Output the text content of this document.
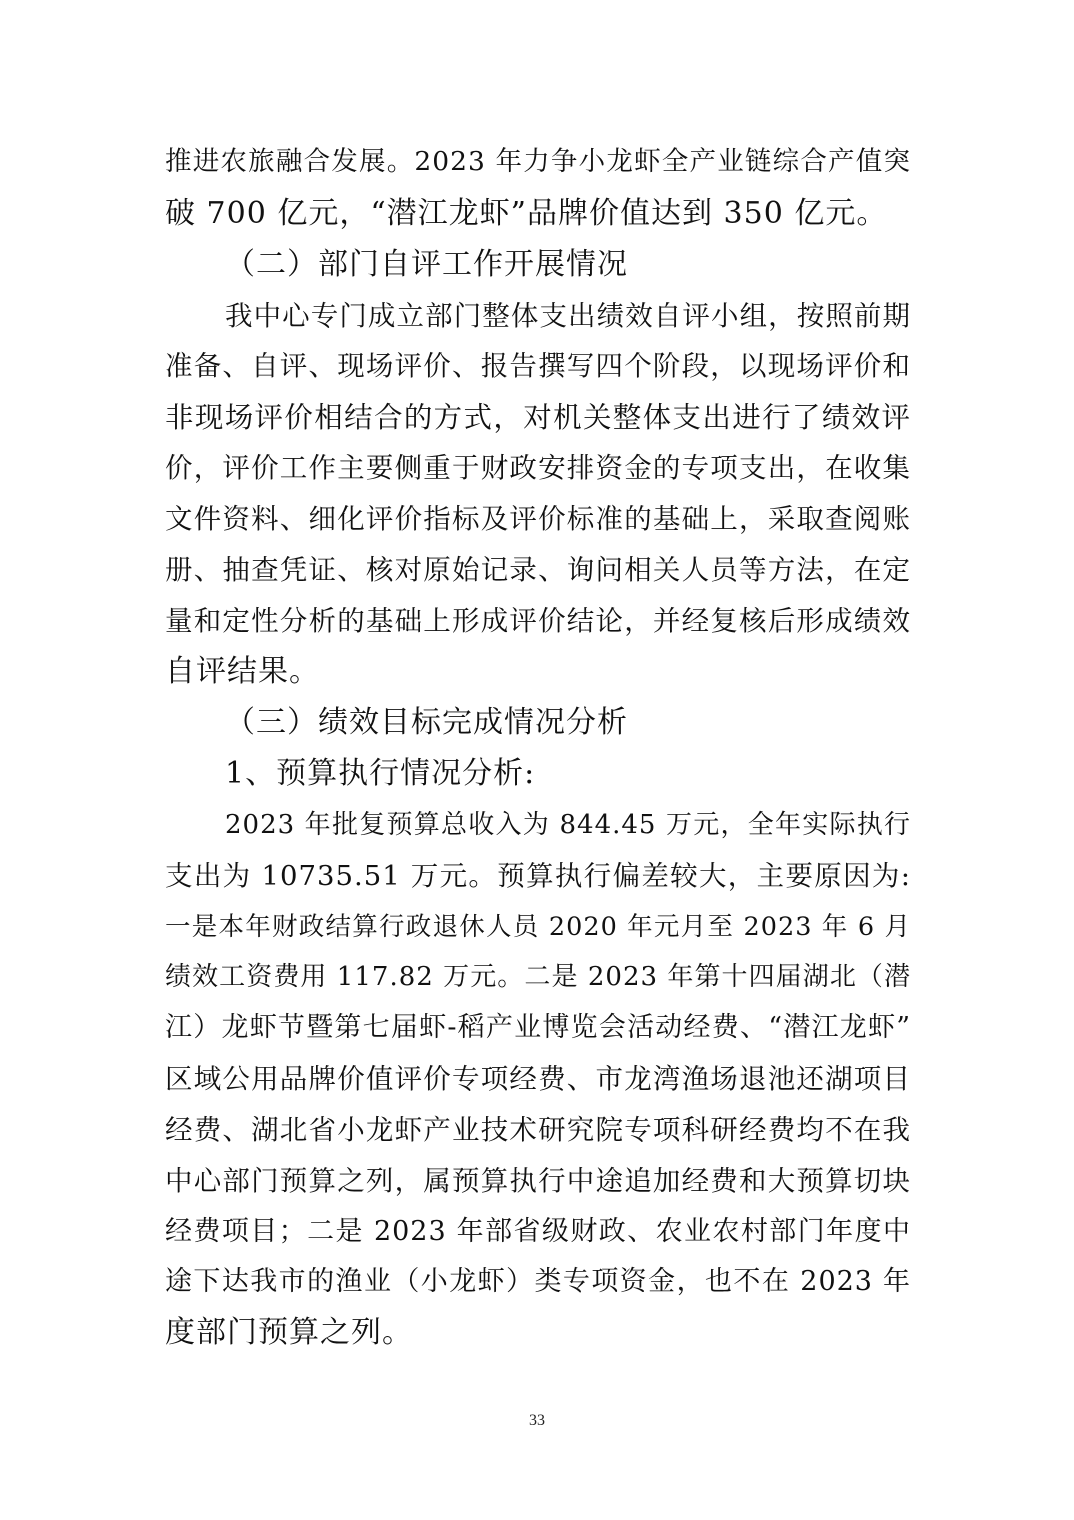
推进农旅融合发展。2023 年力争小龙虾全产业链综合产值突
破 700 亿元，“潜江龙虾”品牌价值达到 350 亿元。
（二）部门自评工作开展情况
我中心专门成立部门整体支出绩效自评小组，按照前期
准备、自评、现场评价、报告撰写四个阶段，以现场评价和
非现场评价相结合的方式，对机关整体支出进行了绩效评
价，评价工作主要侧重于财政安排资金的专项支出，在收集
文件资料、细化评价指标及评价标准的基础上，采取查阅账
册、抽查凭证、核对原始记录、询问相关人员等方法，在定
量和定性分析的基础上形成评价结论，并经复核后形成绩效
自评结果。
（三）绩效目标完成情况分析
1、预算执行情况分析:
2023 年批复预算总收入为 844.45 万元，全年实际执行
支出为 10735.51 万元。预算执行偏差较大，主要原因为:
一是本年财政结算行政退休人员 2020 年元月至 2023 年 6 月
绩效工资费用 117.82 万元。二是 2023 年第十四届湖北（潜
江）龙虾节暨第七届虾-稻产业博览会活动经费、“潜江龙虾”
区域公用品牌价值评价专项经费、市龙湾渔场退池还湖项目
经费、湖北省小龙虾产业技术研究院专项科研经费均不在我
中心部门预算之列，属预算执行中途追加经费和大预算切块
经费项目；二是 2023 年部省级财政、农业农村部门年度中
途下达我市的渔业（小龙虾）类专项资金，也不在 2023 年
度部门预算之列。
33
